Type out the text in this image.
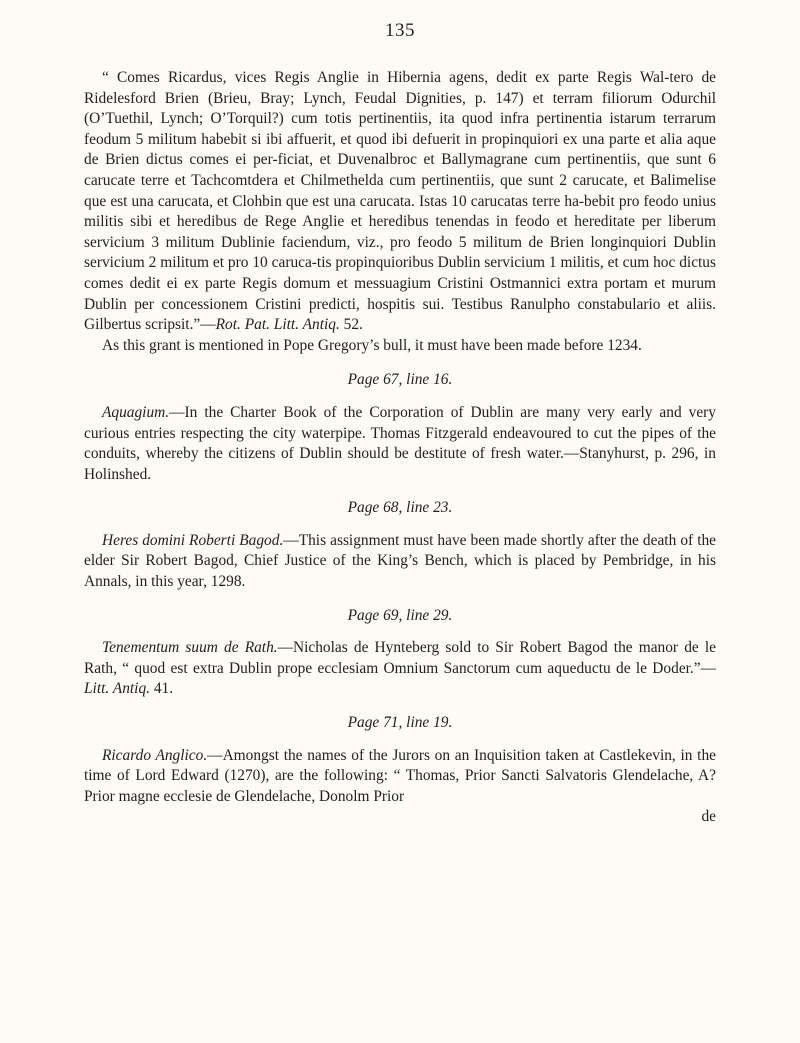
135

“ Comes Ricardus, vices Regis Anglie in Hibernia agens, dedit ex parte Regis Wal-tero de Ridelesford Brien (Brieu, Bray; Lynch, Feudal Dignities, p. 147) et terram filiorum Odurchil (O’Tuethil, Lynch; O’Torquil?) cum totis pertinentiis, ita quod infra pertinentia istarum terrarum feodum 5 militum habebit si ibi affuerit, et quod ibi defuerit in propinquiori ex una parte et alia aque de Brien dictus comes ei per-ficiat, et Duvenalbroc et Ballymagrane cum pertinentiis, que sunt 6 carucate terre et Tachcomtdera et Chilmethelda cum pertinentiis, que sunt 2 carucate, et Balimelise que est una carucata, et Clohbin que est una carucata. Istas 10 carucatas terre ha-bebit pro feodo unius militis sibi et heredibus de Rege Anglie et heredibus tenendas in feodo et hereditate per liberum servicium 3 militum Dublinie faciendum, viz., pro feodo 5 militum de Brien longinquiori Dublin servicium 2 militum et pro 10 caruca-tis propinquioribus Dublin servicium 1 militis, et cum hoc dictus comes dedit ei ex parte Regis domum et messuagium Cristini Ostmannici extra portam et murum Dublin per concessionem Cristini predicti, hospitis sui. Testibus Ranulpho constabulario et aliis. Gilbertus scripsit.”—Rot. Pat. Litt. Antiq. 52.

As this grant is mentioned in Pope Gregory’s bull, it must have been made before 1234.

Page 67, line 16.

Aquagium.—In the Charter Book of the Corporation of Dublin are many very early and very curious entries respecting the city waterpipe. Thomas Fitzgerald endeavoured to cut the pipes of the conduits, whereby the citizens of Dublin should be destitute of fresh water.—Stanyhurst, p. 296, in Holinshed.

Page 68, line 23.

Heres domini Roberti Bagod.—This assignment must have been made shortly after the death of the elder Sir Robert Bagod, Chief Justice of the King’s Bench, which is placed by Pembridge, in his Annals, in this year, 1298.

Page 69, line 29.

Tenementum suum de Rath.—Nicholas de Hynteberg sold to Sir Robert Bagod the manor de le Rath, “ quod est extra Dublin prope ecclesiam Omnium Sanctorum cum aqueductu de le Doder.”—Litt. Antiq. 41.

Page 71, line 19.

Ricardo Anglico.—Amongst the names of the Jurors on an Inquisition taken at Castlekevin, in the time of Lord Edward (1270), are the following: “ Thomas, Prior Sancti Salvatoris Glendelache, A? Prior magne ecclesie de Glendelache, Donolm Prior

de
